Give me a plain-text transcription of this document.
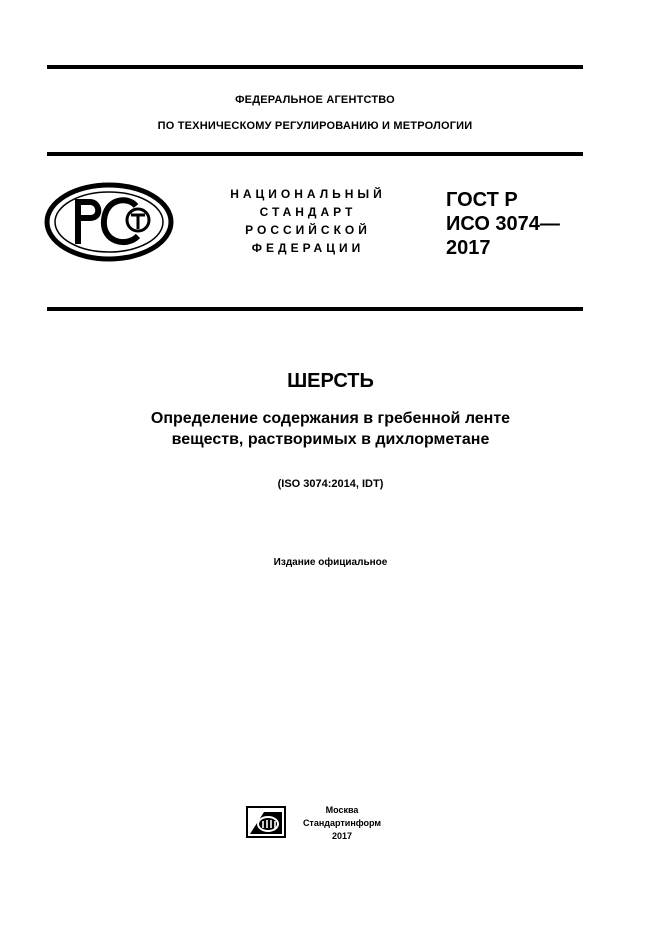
ФЕДЕРАЛЬНОЕ АГЕНТСТВО
ПО ТЕХНИЧЕСКОМУ РЕГУЛИРОВАНИЮ И МЕТРОЛОГИИ
НАЦИОНАЛЬНЫЙ
СТАНДАРТ
РОССИЙСКОЙ
ФЕДЕРАЦИИ
ГОСТ Р
ИСО 3074—
2017
ШЕРСТЬ
Определение содержания в гребенной ленте
веществ, растворимых в дихлорметане
(ISO 3074:2014, IDT)
Издание официальное
Москва
Стандартинформ
2017
